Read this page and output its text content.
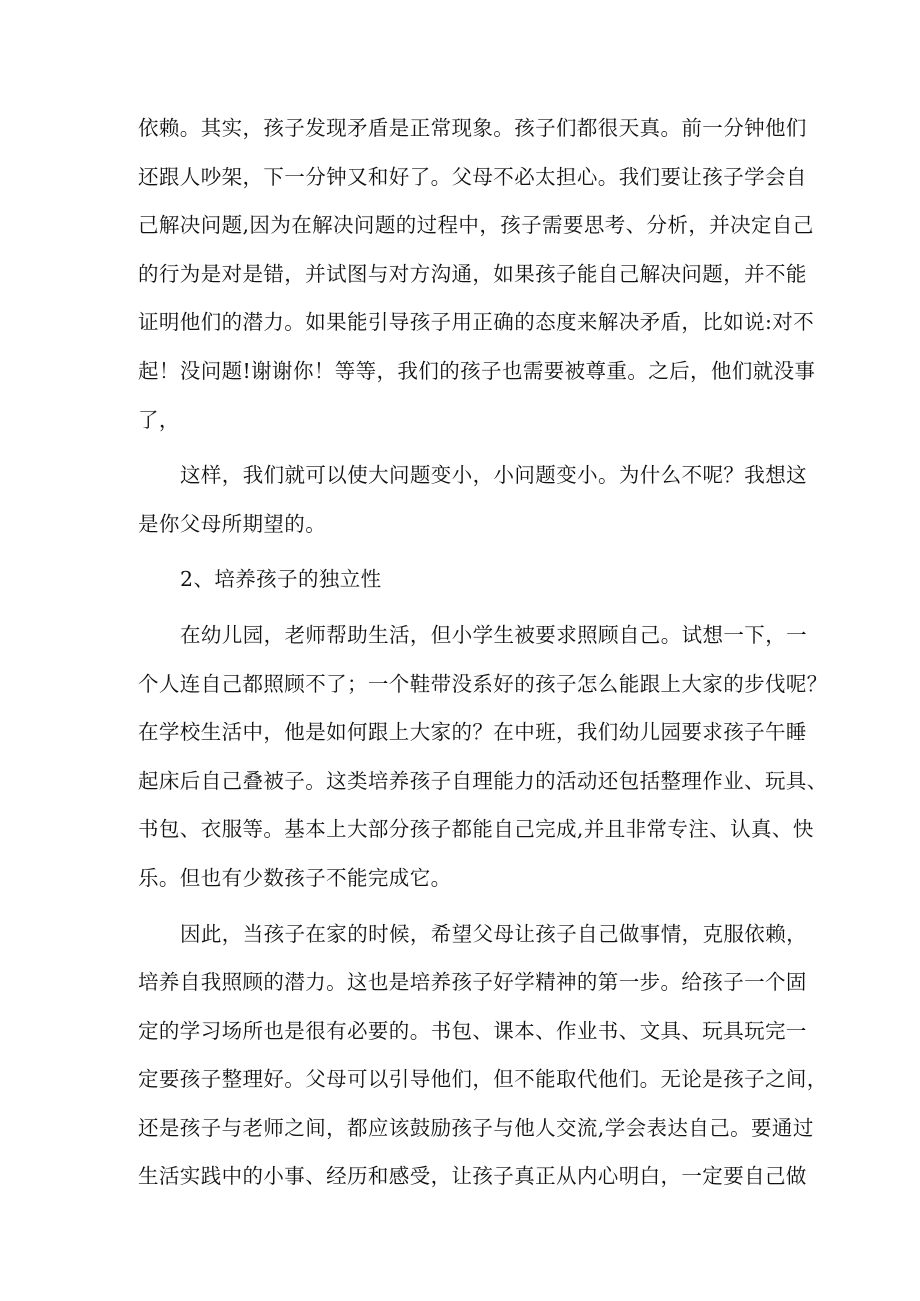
依赖。其实，孩子发现矛盾是正常现象。孩子们都很天真。前一分钟他们
还跟人吵架，下一分钟又和好了。父母不必太担心。我们要让孩子学会自
己解决问题,因为在解决问题的过程中，孩子需要思考、分析，并决定自己
的行为是对是错，并试图与对方沟通，如果孩子能自己解决问题，并不能
证明他们的潜力。如果能引导孩子用正确的态度来解决矛盾，比如说:对不
起！没问题!谢谢你！等等，我们的孩子也需要被尊重。之后，他们就没事
了，

这样，我们就可以使大问题变小，小问题变小。为什么不呢？我想这
是你父母所期望的。

2、培养孩子的独立性

在幼儿园，老师帮助生活，但小学生被要求照顾自己。试想一下，一
个人连自己都照顾不了；一个鞋带没系好的孩子怎么能跟上大家的步伐呢？
在学校生活中，他是如何跟上大家的？在中班，我们幼儿园要求孩子午睡
起床后自己叠被子。这类培养孩子自理能力的活动还包括整理作业、玩具、
书包、衣服等。基本上大部分孩子都能自己完成,并且非常专注、认真、快
乐。但也有少数孩子不能完成它。

因此，当孩子在家的时候，希望父母让孩子自己做事情，克服依赖，
培养自我照顾的潜力。这也是培养孩子好学精神的第一步。给孩子一个固
定的学习场所也是很有必要的。书包、课本、作业书、文具、玩具玩完一
定要孩子整理好。父母可以引导他们，但不能取代他们。无论是孩子之间，
还是孩子与老师之间，都应该鼓励孩子与他人交流,学会表达自己。要通过
生活实践中的小事、经历和感受，让孩子真正从内心明白，一定要自己做
